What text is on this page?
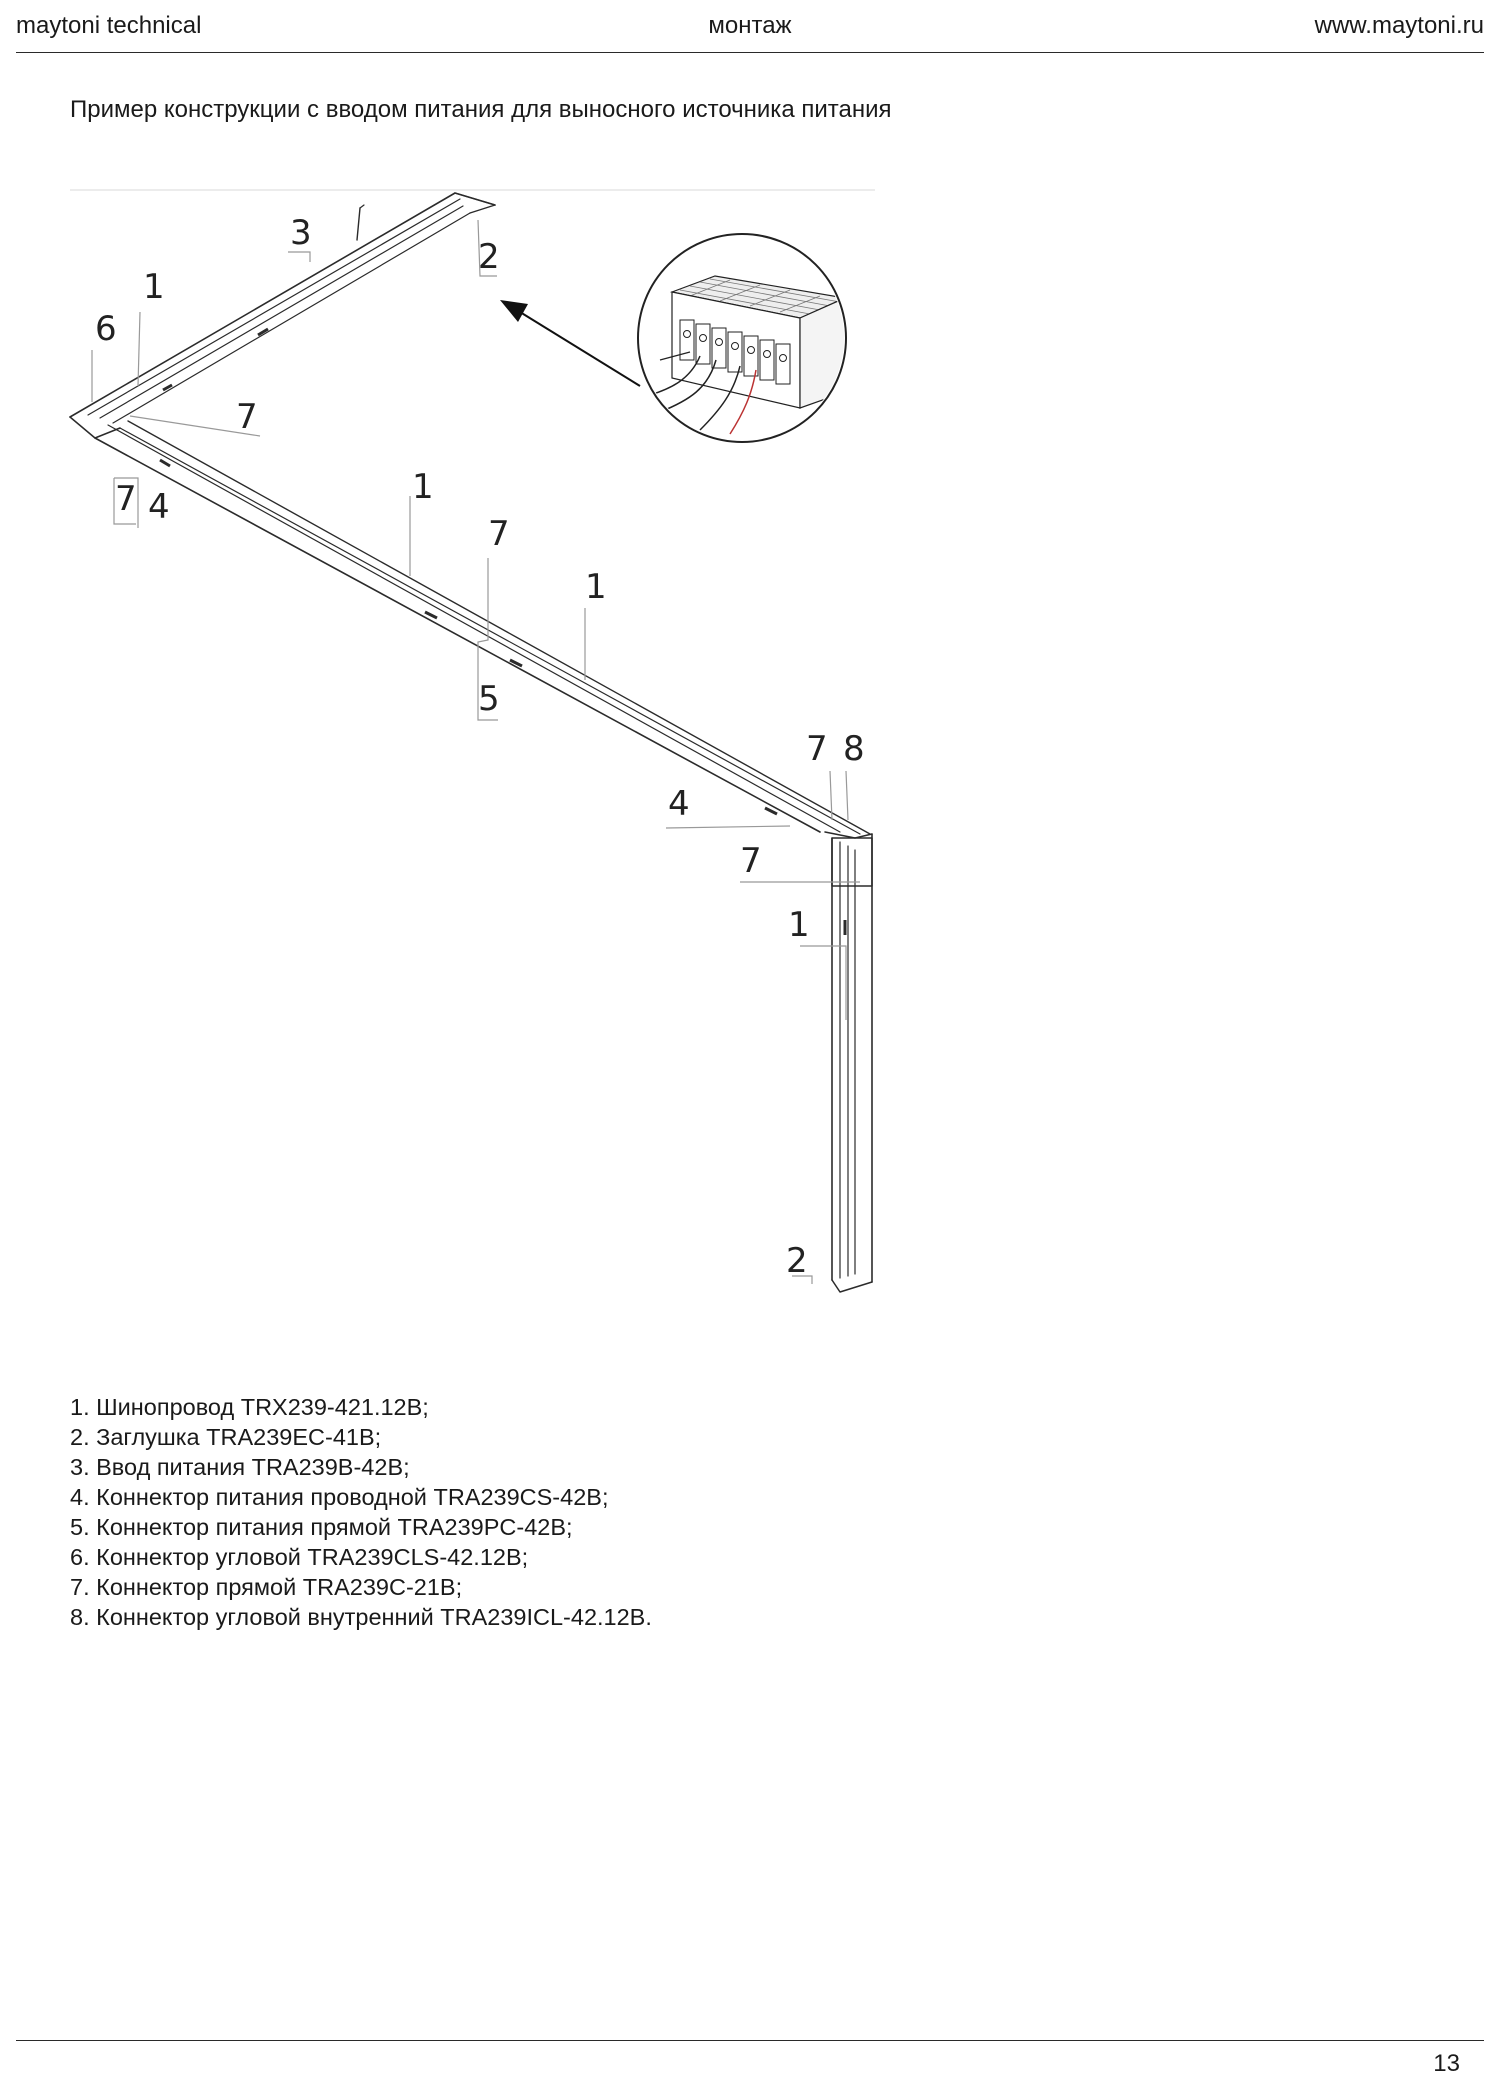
maytoni technical	монтаж	www.maytoni.ru
Пример конструкции с вводом питания для выносного источника питания
3
2
1
6
7
7 4	1
7
1
5
7 8
4
7
1
2
1. Шинопровод TRX239-421.12B;
2. Заглушка TRA239EC-41B;
3. Ввод питания TRA239B-42B;
4. Коннектор питания проводной TRA239CS-42B;
5. Коннектор питания прямой TRA239PC-42B;
6. Коннектор угловой TRA239CLS-42.12B;
7. Коннектор прямой TRA239C-21B;
8. Коннектор угловой внутренний TRA239ICL-42.12B.
13
